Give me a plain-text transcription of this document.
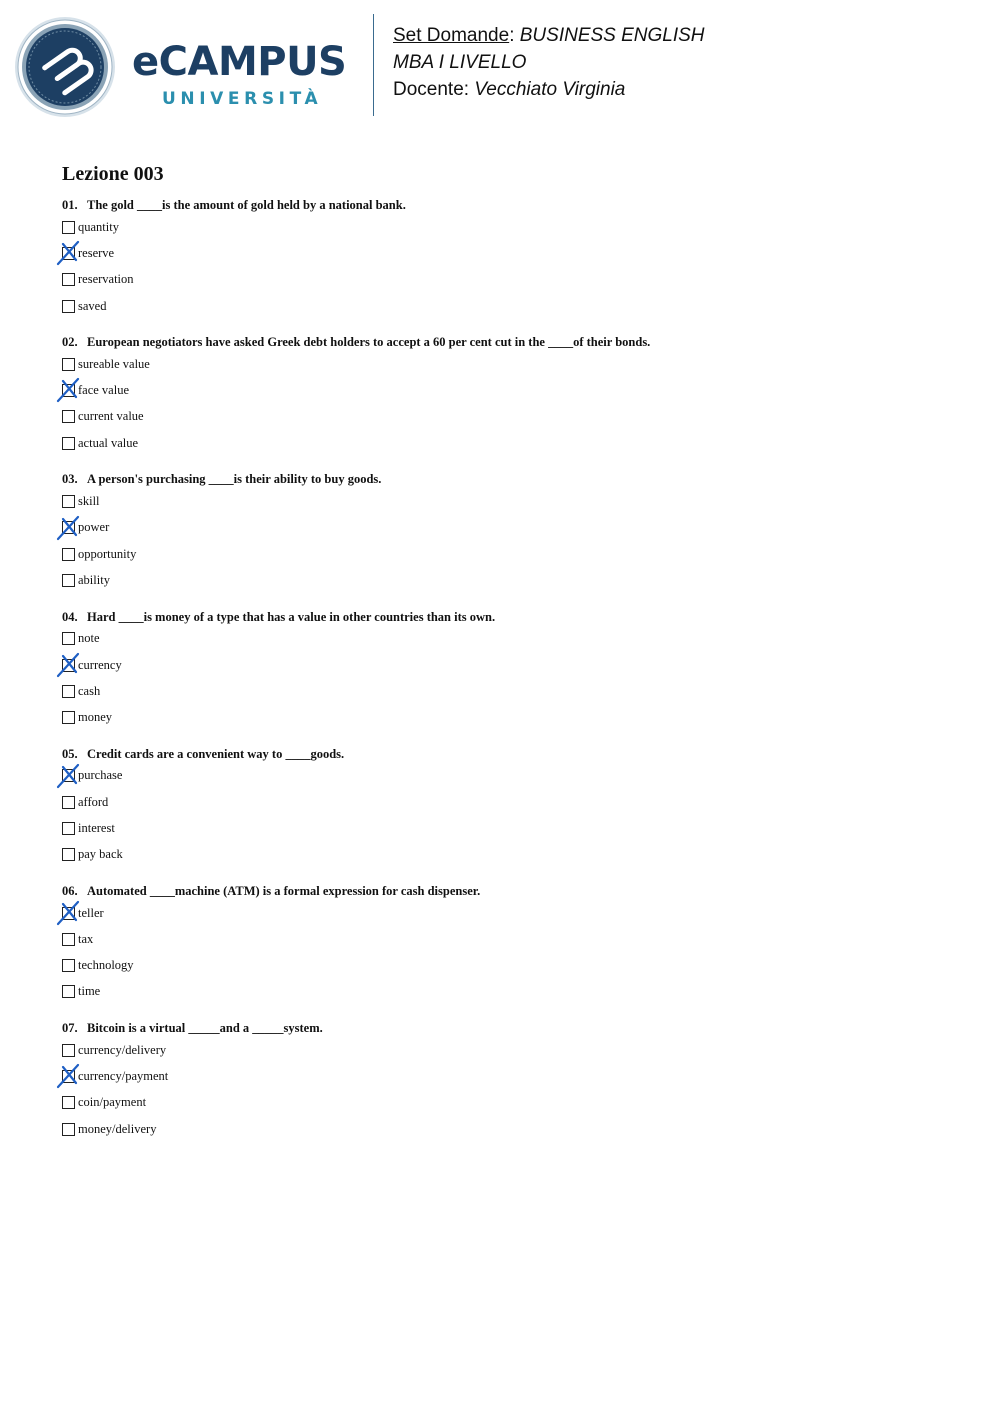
eCAMPUS
UNIVERSITÀ
Set Domande: BUSINESS ENGLISH
MBA I LIVELLO
Docente: Vecchiato Virginia
Lezione 003
01. The gold ____is the amount of gold held by a national bank.
quantity
reserve
reservation
saved
02. European negotiators have asked Greek debt holders to accept a 60 per cent cut in the ____of their bonds.
sureable value
face value
current value
actual value
03. A person's purchasing ____is their ability to buy goods.
skill
power
opportunity
ability
04. Hard ____is money of a type that has a value in other countries than its own.
note
currency
cash
money
05. Credit cards are a convenient way to ____goods.
purchase
afford
interest
pay back
06. Automated ____machine (ATM) is a formal expression for cash dispenser.
teller
tax
technology
time
07. Bitcoin is a virtual _____and a _____system.
currency/delivery
currency/payment
coin/payment
money/delivery
